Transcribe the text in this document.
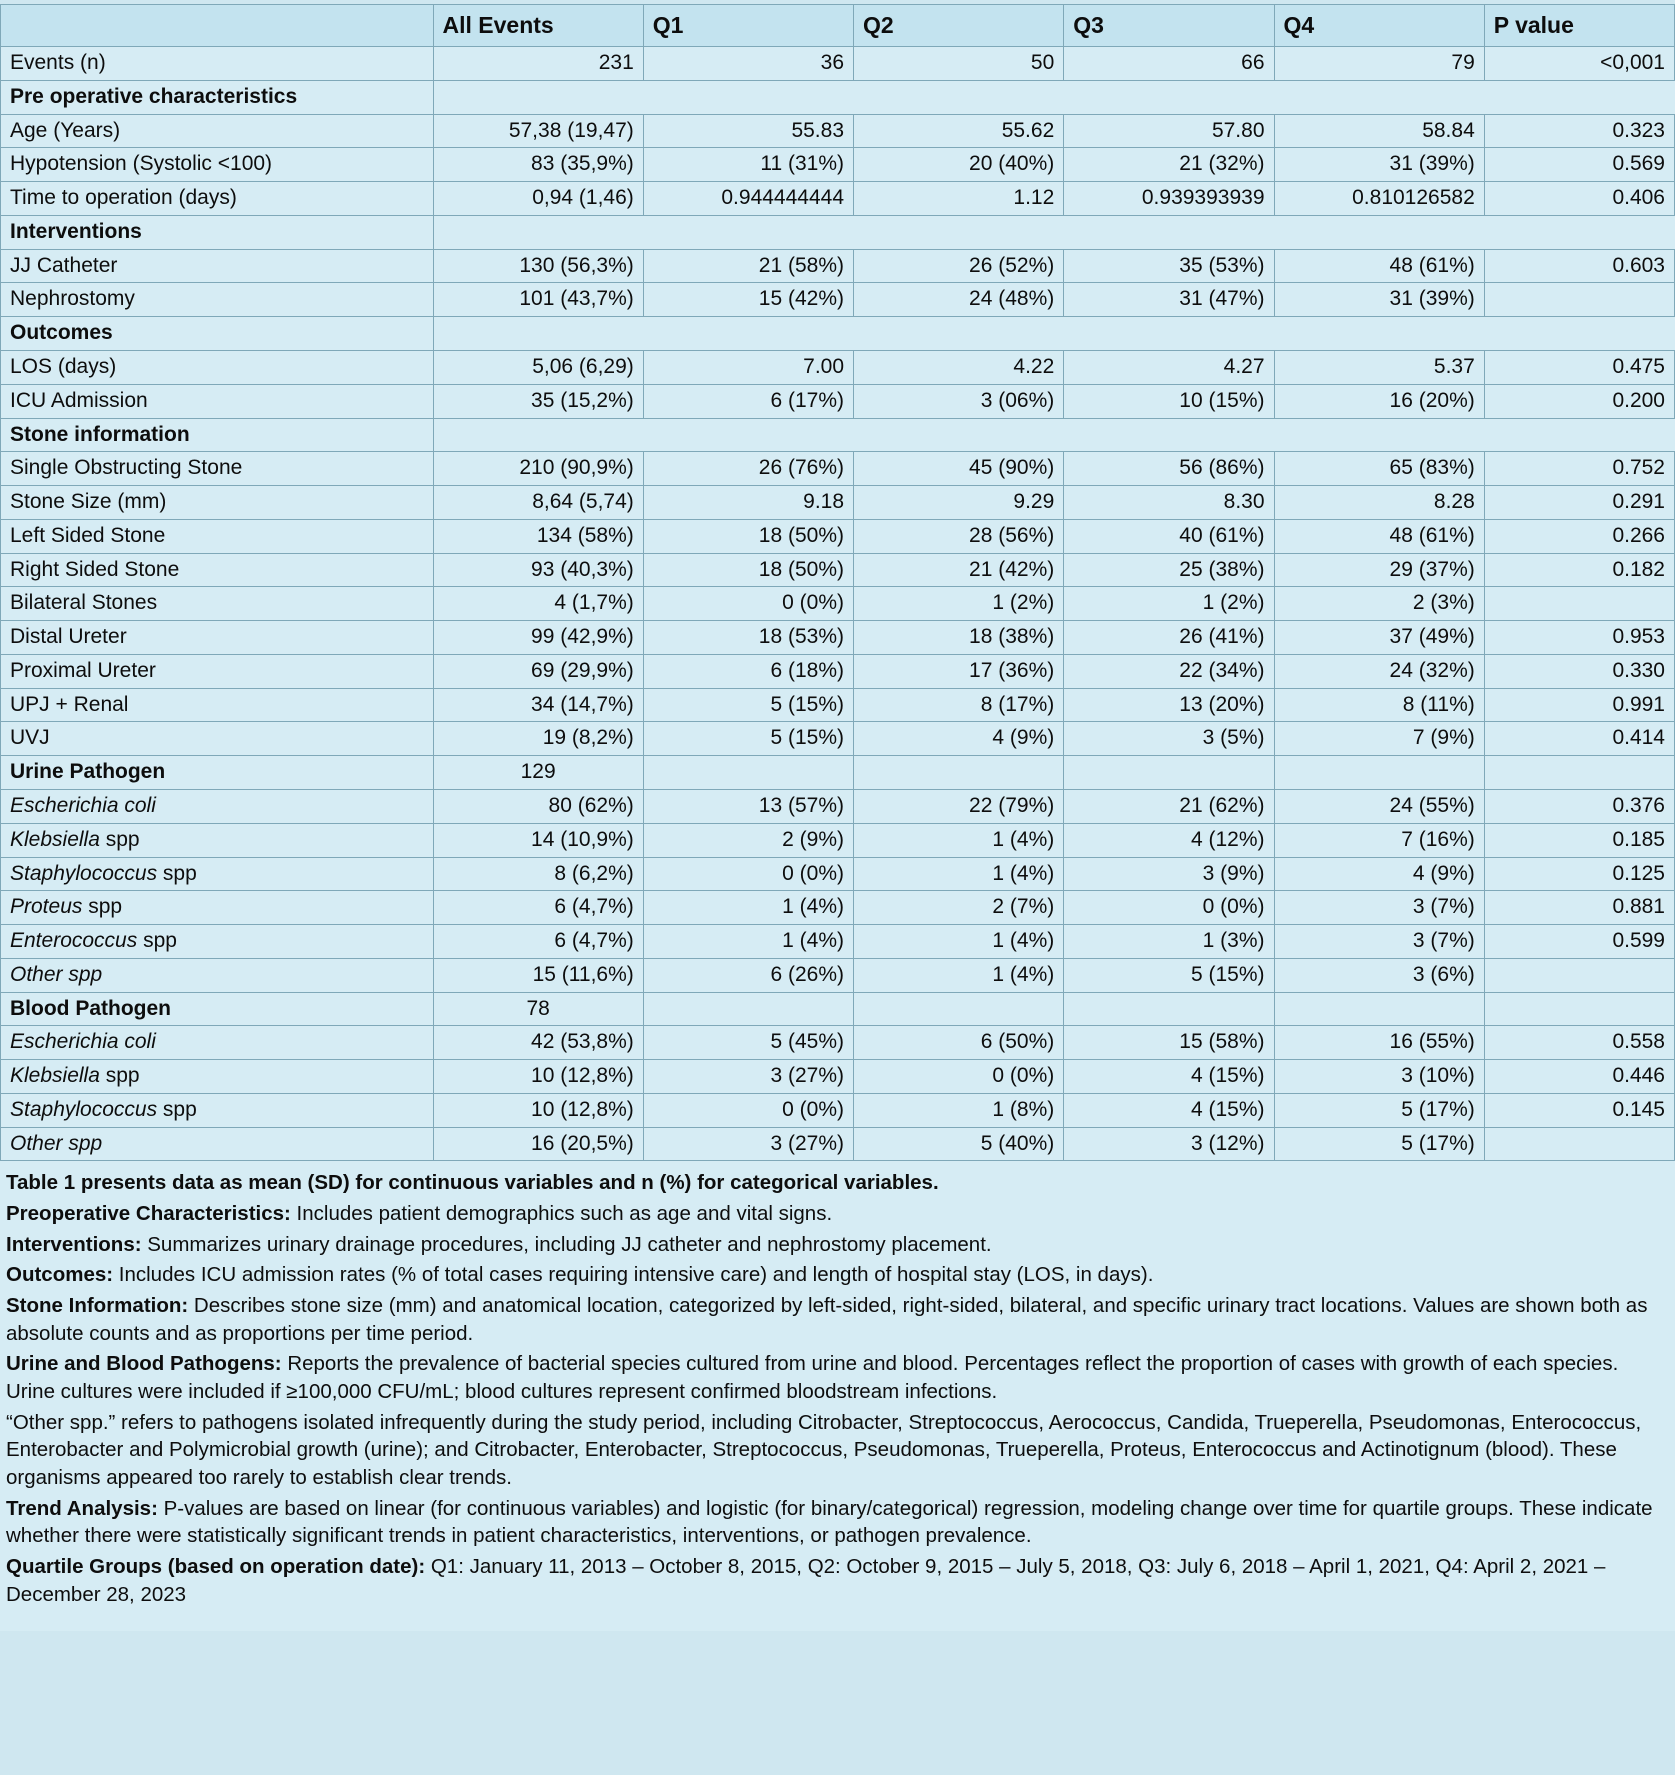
	All Events	Q1	Q2	Q3	Q4	P value
Events (n)	231	36	50	66	79	<0,001
Pre operative characteristics						
Age (Years)	57,38 (19,47)	55.83	55.62	57.80	58.84	0.323
Hypotension (Systolic <100)	83 (35,9%)	11 (31%)	20 (40%)	21 (32%)	31 (39%)	0.569
Time to operation (days)	0,94 (1,46)	0.944444444	1.12	0.939393939	0.810126582	0.406
Interventions						
JJ Catheter	130 (56,3%)	21 (58%)	26 (52%)	35 (53%)	48 (61%)	0.603
Nephrostomy	101 (43,7%)	15 (42%)	24 (48%)	31 (47%)	31 (39%)	
Outcomes						
LOS (days)	5,06 (6,29)	7.00	4.22	4.27	5.37	0.475
ICU Admission	35 (15,2%)	6 (17%)	3 (06%)	10 (15%)	16 (20%)	0.200
Stone information						
Single Obstructing Stone	210 (90,9%)	26 (76%)	45 (90%)	56 (86%)	65 (83%)	0.752
Stone Size (mm)	8,64 (5,74)	9.18	9.29	8.30	8.28	0.291
Left Sided Stone	134 (58%)	18 (50%)	28 (56%)	40 (61%)	48 (61%)	0.266
Right Sided Stone	93 (40,3%)	18 (50%)	21 (42%)	25 (38%)	29 (37%)	0.182
Bilateral Stones	4 (1,7%)	0 (0%)	1 (2%)	1 (2%)	2 (3%)	
Distal Ureter	99 (42,9%)	18 (53%)	18 (38%)	26 (41%)	37 (49%)	0.953
Proximal Ureter	69 (29,9%)	6 (18%)	17 (36%)	22 (34%)	24 (32%)	0.330
UPJ + Renal	34 (14,7%)	5 (15%)	8 (17%)	13 (20%)	8 (11%)	0.991
UVJ	19 (8,2%)	5 (15%)	4 (9%)	3 (5%)	7 (9%)	0.414
Urine Pathogen	129					
Escherichia coli	80 (62%)	13 (57%)	22 (79%)	21 (62%)	24 (55%)	0.376
Klebsiella spp	14 (10,9%)	2 (9%)	1 (4%)	4 (12%)	7 (16%)	0.185
Staphylococcus spp	8 (6,2%)	0 (0%)	1 (4%)	3 (9%)	4 (9%)	0.125
Proteus spp	6 (4,7%)	1 (4%)	2 (7%)	0 (0%)	3 (7%)	0.881
Enterococcus spp	6 (4,7%)	1 (4%)	1 (4%)	1 (3%)	3 (7%)	0.599
Other spp	15 (11,6%)	6 (26%)	1 (4%)	5 (15%)	3 (6%)	
Blood Pathogen	78					
Escherichia coli	42 (53,8%)	5 (45%)	6 (50%)	15 (58%)	16 (55%)	0.558
Klebsiella spp	10 (12,8%)	3 (27%)	0 (0%)	4 (15%)	3 (10%)	0.446
Staphylococcus spp	10 (12,8%)	0 (0%)	1 (8%)	4 (15%)	5 (17%)	0.145
Other spp	16 (20,5%)	3 (27%)	5 (40%)	3 (12%)	5 (17%)	

Table 1 presents data as mean (SD) for continuous variables and n (%) for categorical variables.

Preoperative Characteristics: Includes patient demographics such as age and vital signs.

Interventions: Summarizes urinary drainage procedures, including JJ catheter and nephrostomy placement.

Outcomes: Includes ICU admission rates (% of total cases requiring intensive care) and length of hospital stay (LOS, in days).

Stone Information: Describes stone size (mm) and anatomical location, categorized by left-sided, right-sided, bilateral, and specific urinary tract locations. Values are shown both as absolute counts and as proportions per time period.

Urine and Blood Pathogens: Reports the prevalence of bacterial species cultured from urine and blood. Percentages reflect the proportion of cases with growth of each species. Urine cultures were included if ≥100,000 CFU/mL; blood cultures represent confirmed bloodstream infections.

“Other spp.” refers to pathogens isolated infrequently during the study period, including Citrobacter, Streptococcus, Aerococcus, Candida, Trueperella, Pseudomonas, Enterococcus, Enterobacter and Polymicrobial growth (urine); and Citrobacter, Enterobacter, Streptococcus, Pseudomonas, Trueperella, Proteus, Enterococcus and Actinotignum (blood). These organisms appeared too rarely to establish clear trends.

Trend Analysis: P-values are based on linear (for continuous variables) and logistic (for binary/categorical) regression, modeling change over time for quartile groups. These indicate whether there were statistically significant trends in patient characteristics, interventions, or pathogen prevalence.

Quartile Groups (based on operation date): Q1: January 11, 2013 – October 8, 2015, Q2: October 9, 2015 – July 5, 2018, Q3: July 6, 2018 – April 1, 2021, Q4: April 2, 2021 – December 28, 2023
